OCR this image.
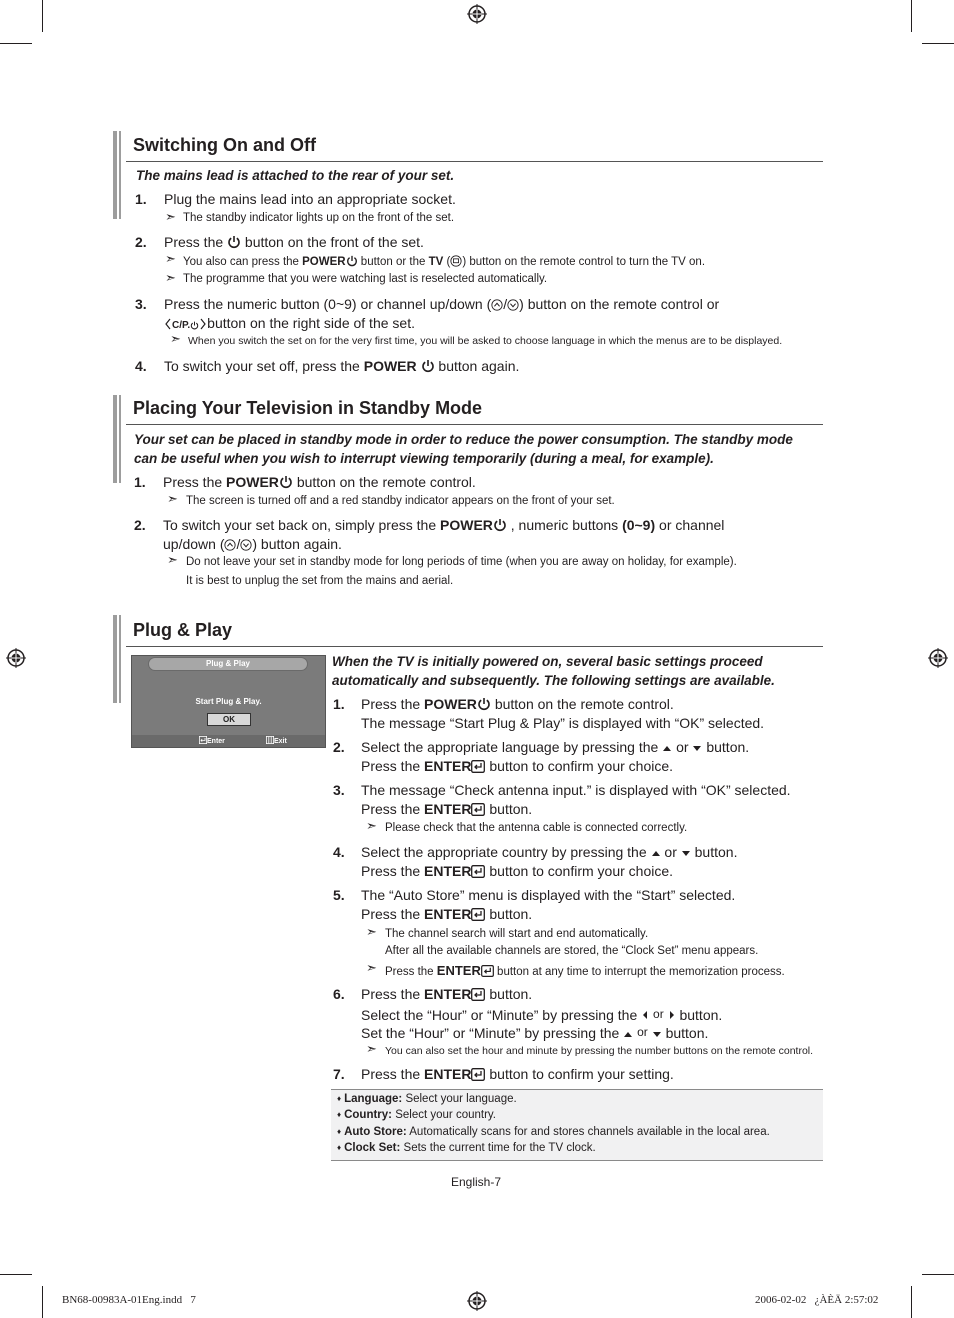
Switching On and Off
The mains lead is attached to the rear of your set.
1. Plug the mains lead into an appropriate socket.
➣ The standby indicator lights up on the front of the set.
2. Press the button on the front of the set.
➣ You also can press the POWER button or the TV ( ) button on the remote control to turn the TV on.
➣ The programme that you were watching last is reselected automatically.
3. Press the numeric button (0~9) or channel up/down ( / ) button on the remote control or
C/P. button on the right side of the set.
➣ When you switch the set on for the very first time, you will be asked to choose language in which the menus are to be displayed.
4. To switch your set off, press the POWER button again.
Placing Your Television in Standby Mode
Your set can be placed in standby mode in order to reduce the power consumption. The standby mode
can be useful when you wish to interrupt viewing temporarily (during a meal, for example).
1. Press the POWER button on the remote control.
➣ The screen is turned off and a red standby indicator appears on the front of your set.
2. To switch your set back on, simply press the POWER , numeric buttons (0~9) or channel
up/down ( / ) button again.
➣ Do not leave your set in standby mode for long periods of time (when you are away on holiday, for example).
It is best to unplug the set from the mains and aerial.
Plug & Play
Plug & Play
Start Plug & Play.
OK
Enter	Exit
When the TV is initially powered on, several basic settings proceed
automatically and subsequently. The following settings are available.
1. Press the POWER button on the remote control.
The message “Start Plug & Play” is displayed with “OK” selected.
2. Select the appropriate language by pressing the or button.
Press the ENTER button to confirm your choice.
3. The message “Check antenna input.” is displayed with “OK” selected.
Press the ENTER button.
➣ Please check that the antenna cable is connected correctly.
4. Select the appropriate country by pressing the or button.
Press the ENTER button to confirm your choice.
5. The “Auto Store” menu is displayed with the “Start” selected.
Press the ENTER button.
➣ The channel search will start and end automatically.
After all the available channels are stored, the “Clock Set” menu appears.
➣ Press the ENTER button at any time to interrupt the memorization process.
6. Press the ENTER button.
Select the “Hour” or “Minute” by pressing the or button.
Set the “Hour” or “Minute” by pressing the or button.
➣ You can also set the hour and minute by pressing the number buttons on the remote control.
7. Press the ENTER button to confirm your setting.
♦ Language: Select your language.
♦ Country: Select your country.
♦ Auto Store: Automatically scans for and stores channels available in the local area.
♦ Clock Set: Sets the current time for the TV clock.
English-7
BN68-00983A-01Eng.indd   7	2006-02-02   ¿ÀÈÄ 2:57:02
